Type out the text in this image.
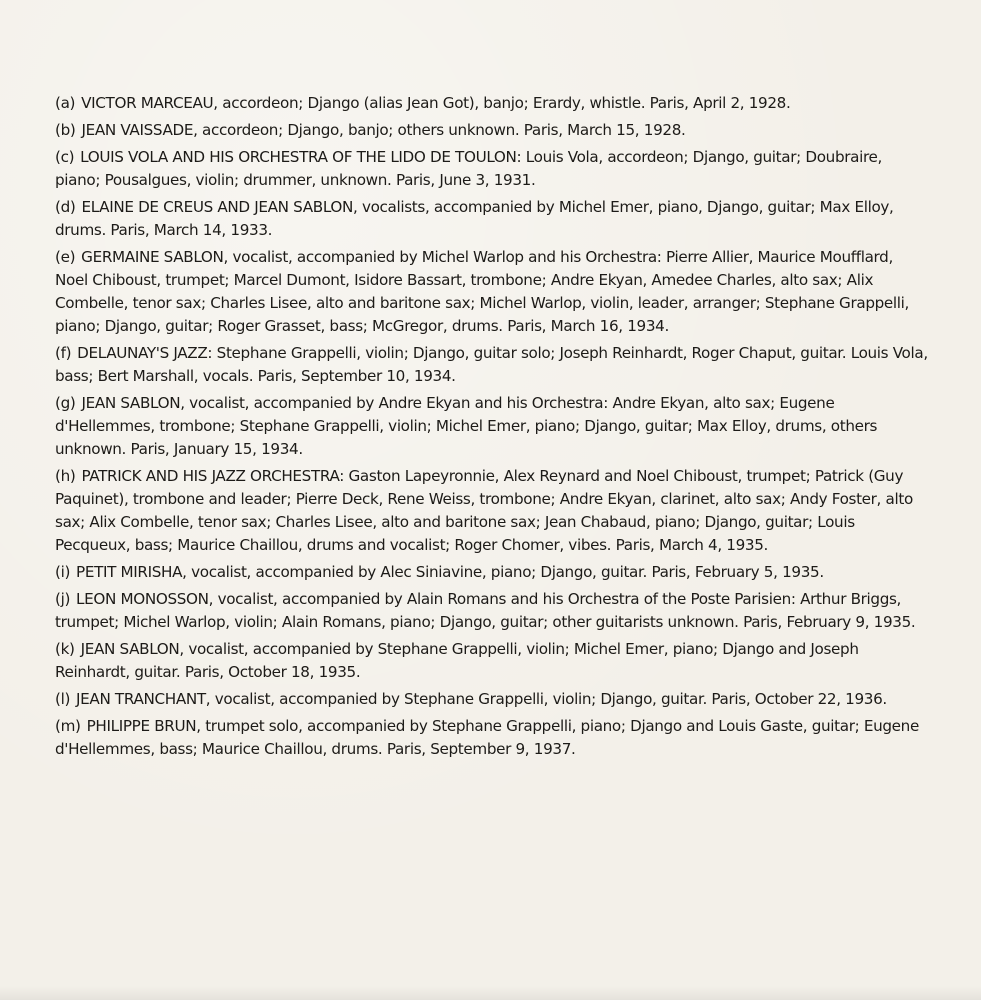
(a) VICTOR MARCEAU, accordeon; Django (alias Jean Got), banjo; Erardy, whistle. Paris, April 2, 1928.
(b) JEAN VAISSADE, accordeon; Django, banjo; others unknown. Paris, March 15, 1928.
(c) LOUIS VOLA AND HIS ORCHESTRA OF THE LIDO DE TOULON: Louis Vola, accordeon; Django, guitar; Doubraire, piano; Pousalgues, violin; drummer, unknown. Paris, June 3, 1931.
(d) ELAINE DE CREUS AND JEAN SABLON, vocalists, accompanied by Michel Emer, piano, Django, guitar; Max Elloy, drums. Paris, March 14, 1933.
(e) GERMAINE SABLON, vocalist, accompanied by Michel Warlop and his Orchestra: Pierre Allier, Maurice Moufflard, Noel Chiboust, trumpet; Marcel Dumont, Isidore Bassart, trombone; Andre Ekyan, Amedee Charles, alto sax; Alix Combelle, tenor sax; Charles Lisee, alto and baritone sax; Michel Warlop, violin, leader, arranger; Stephane Grappelli, piano; Django, guitar; Roger Grasset, bass; McGregor, drums. Paris, March 16, 1934.
(f) DELAUNAY'S JAZZ: Stephane Grappelli, violin; Django, guitar solo; Joseph Reinhardt, Roger Chaput, guitar. Louis Vola, bass; Bert Marshall, vocals. Paris, September 10, 1934.
(g) JEAN SABLON, vocalist, accompanied by Andre Ekyan and his Orchestra: Andre Ekyan, alto sax; Eugene d'Hellemmes, trombone; Stephane Grappelli, violin; Michel Emer, piano; Django, guitar; Max Elloy, drums, others unknown. Paris, January 15, 1934.
(h) PATRICK AND HIS JAZZ ORCHESTRA: Gaston Lapeyronnie, Alex Reynard and Noel Chiboust, trumpet; Patrick (Guy Paquinet), trombone and leader; Pierre Deck, Rene Weiss, trombone; Andre Ekyan, clarinet, alto sax; Andy Foster, alto sax; Alix Combelle, tenor sax; Charles Lisee, alto and baritone sax; Jean Chabaud, piano; Django, guitar; Louis Pecqueux, bass; Maurice Chaillou, drums and vocalist; Roger Chomer, vibes. Paris, March 4, 1935.
(i) PETIT MIRISHA, vocalist, accompanied by Alec Siniavine, piano; Django, guitar. Paris, February 5, 1935.
(j) LEON MONOSSON, vocalist, accompanied by Alain Romans and his Orchestra of the Poste Parisien: Arthur Briggs, trumpet; Michel Warlop, violin; Alain Romans, piano; Django, guitar; other guitarists unknown. Paris, February 9, 1935.
(k) JEAN SABLON, vocalist, accompanied by Stephane Grappelli, violin; Michel Emer, piano; Django and Joseph Reinhardt, guitar. Paris, October 18, 1935.
(l) JEAN TRANCHANT, vocalist, accompanied by Stephane Grappelli, violin; Django, guitar. Paris, October 22, 1936.
(m) PHILIPPE BRUN, trumpet solo, accompanied by Stephane Grappelli, piano; Django and Louis Gaste, guitar; Eugene d'Hellemmes, bass; Maurice Chaillou, drums. Paris, September 9, 1937.
